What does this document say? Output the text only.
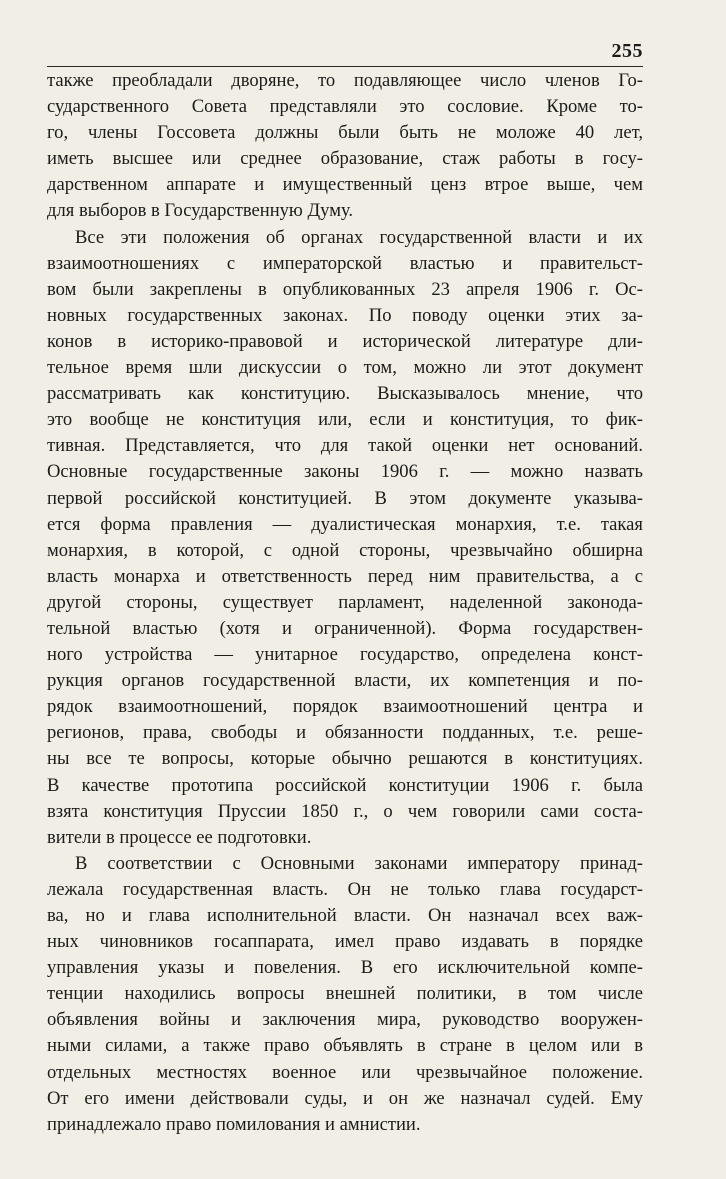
255
также преобладали дворяне, то подавляющее число членов Го-
сударственного Совета представляли это сословие. Кроме то-
го, члены Госсовета должны были быть не моложе 40 лет,
иметь высшее или среднее образование, стаж работы в госу-
дарственном аппарате и имущественный ценз втрое выше, чем
для выборов в Государственную Думу.
Все эти положения об органах государственной власти и их
взаимоотношениях с императорской властью и правительст-
вом были закреплены в опубликованных 23 апреля 1906 г. Ос-
новных государственных законах. По поводу оценки этих за-
конов в историко-правовой и исторической литературе дли-
тельное время шли дискуссии о том, можно ли этот документ
рассматривать как конституцию. Высказывалось мнение, что
это вообще не конституция или, если и конституция, то фик-
тивная. Представляется, что для такой оценки нет оснований.
Основные государственные законы 1906 г. — можно назвать
первой российской конституцией. В этом документе указыва-
ется форма правления — дуалистическая монархия, т.е. такая
монархия, в которой, с одной стороны, чрезвычайно обширна
власть монарха и ответственность перед ним правительства, а с
другой стороны, существует парламент, наделенной законода-
тельной властью (хотя и ограниченной). Форма государствен-
ного устройства — унитарное государство, определена конст-
рукция органов государственной власти, их компетенция и по-
рядок взаимоотношений, порядок взаимоотношений центра и
регионов, права, свободы и обязанности подданных, т.е. реше-
ны все те вопросы, которые обычно решаются в конституциях.
В качестве прототипа российской конституции 1906 г. была
взята конституция Пруссии 1850 г., о чем говорили сами соста-
вители в процессе ее подготовки.
В соответствии с Основными законами императору принад-
лежала государственная власть. Он не только глава государст-
ва, но и глава исполнительной власти. Он назначал всех важ-
ных чиновников госаппарата, имел право издавать в порядке
управления указы и повеления. В его исключительной компе-
тенции находились вопросы внешней политики, в том числе
объявления войны и заключения мира, руководство вооружен-
ными силами, а также право объявлять в стране в целом или в
отдельных местностях военное или чрезвычайное положение.
От его имени действовали суды, и он же назначал судей. Ему
принадлежало право помилования и амнистии.
